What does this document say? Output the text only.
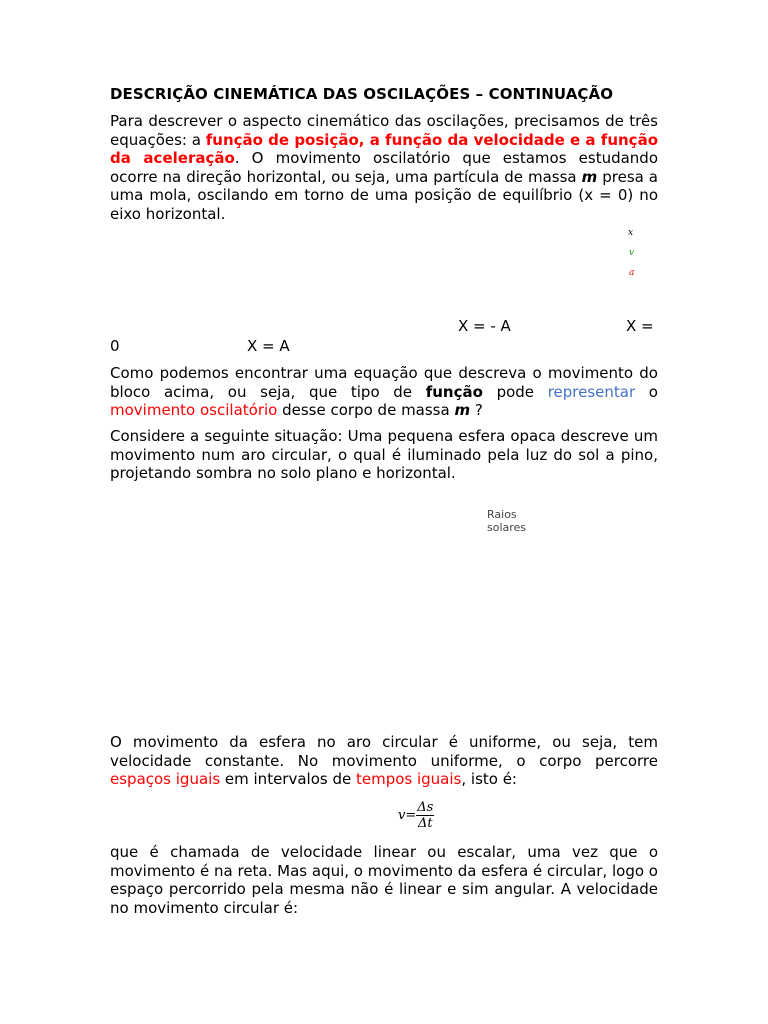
DESCRIÇÃO CINEMÁTICA DAS OSCILAÇÕES – CONTINUAÇÃO

Para descrever o aspecto cinemático das oscilações, precisamos de três equações: a função de posição, a função da velocidade e a função da aceleração. O movimento oscilatório que estamos estudando ocorre na direção horizontal, ou seja, uma partícula de massa m presa a uma mola, oscilando em torno de uma posição de equilíbrio (x = 0) no eixo horizontal.

x
v
a
X = - A	X =
0	X = A

Como podemos encontrar uma equação que descreva o movimento do bloco acima, ou seja, que tipo de função pode representar o movimento oscilatório desse corpo de massa m ?

Considere a seguinte situação: Uma pequena esfera opaca descreve um movimento num aro circular, o qual é iluminado pela luz do sol a pino, projetando sombra no solo plano e horizontal.

Raios
solares

O movimento da esfera no aro circular é uniforme, ou seja, tem velocidade constante. No movimento uniforme, o corpo percorre espaços iguais em intervalos de tempos iguais, isto é:

$v= \frac{\Delta s}{\Delta t}$

que é chamada de velocidade linear ou escalar, uma vez que o movimento é na reta. Mas aqui, o movimento da esfera é circular, logo o espaço percorrido pela mesma não é linear e sim angular. A velocidade no movimento circular é:
